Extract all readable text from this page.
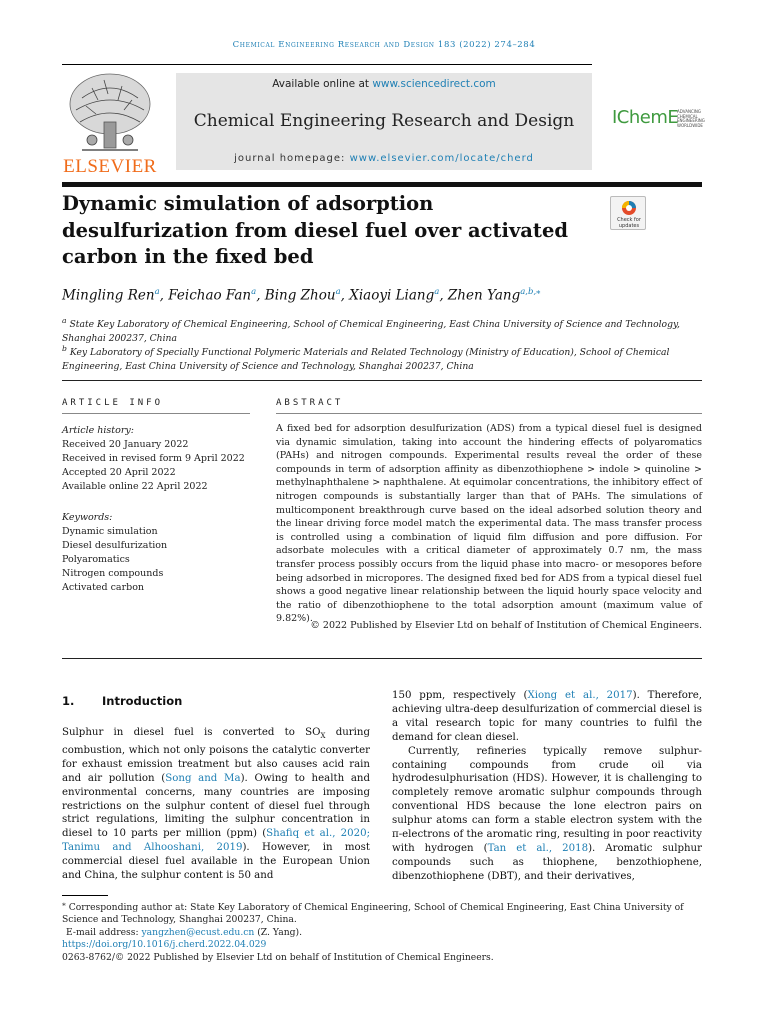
Chemical Engineering Research and Design 183 (2022) 274–284
ELSEVIER
Available online at www.sciencedirect.com
Chemical Engineering Research and Design
journal homepage: www.elsevier.com/locate/cherd
IChemE
ADVANCING CHEMICAL ENGINEERING WORLDWIDE
Dynamic simulation of adsorption desulfurization from diesel fuel over activated carbon in the fixed bed
Check for updates
Mingling Ren$^a$, Feichao Fan$^a$, Bing Zhou$^a$, Xiaoyi Liang$^a$, Zhen Yang$^{a,b,⁎}$
$^a$ State Key Laboratory of Chemical Engineering, School of Chemical Engineering, East China University of Science and Technology, Shanghai 200237, China
$^b$ Key Laboratory of Specially Functional Polymeric Materials and Related Technology (Ministry of Education), School of Chemical Engineering, East China University of Science and Technology, Shanghai 200237, China
ARTICLE INFO
Article history:
Received 20 January 2022
Received in revised form 9 April 2022
Accepted 20 April 2022
Available online 22 April 2022
Keywords:
Dynamic simulation
Diesel desulfurization
Polyaromatics
Nitrogen compounds
Activated carbon
ABSTRACT
A fixed bed for adsorption desulfurization (ADS) from a typical diesel fuel is designed via dynamic simulation, taking into account the hindering effects of polyaromatics (PAHs) and nitrogen compounds. Experimental results reveal the order of these compounds in term of adsorption affinity as dibenzothiophene > indole > quinoline > methylnaphthalene > naphthalene. At equimolar concentrations, the inhibitory effect of nitrogen compounds is substantially larger than that of PAHs. The simulations of multicomponent breakthrough curve based on the ideal adsorbed solution theory and the linear driving force model match the experimental data. The mass transfer process is controlled using a combination of liquid film diffusion and pore diffusion. For adsorbate molecules with a critical diameter of approximately 0.7 nm, the mass transfer process possibly occurs from the liquid phase into macro- or mesopores before being adsorbed in micropores. The designed fixed bed for ADS from a typical diesel fuel shows a good negative linear relationship between the liquid hourly space velocity and the ratio of dibenzothiophene to the total adsorption amount (maximum value of 9.82%).
© 2022 Published by Elsevier Ltd on behalf of Institution of Chemical Engineers.
1. Introduction
Sulphur in diesel fuel is converted to $SO_X$ during combustion, which not only poisons the catalytic converter for exhaust emission treatment but also causes acid rain and air pollution (Song and Ma). Owing to health and environmental concerns, many countries are imposing restrictions on the sulphur content of diesel fuel through strict regulations, limiting the sulphur concentration in diesel to 10 parts per million (ppm) (Shafiq et al., 2020; Tanimu and Alhooshani, 2019). However, in most commercial diesel fuel available in the European Union and China, the sulphur content is 50 and
150 ppm, respectively (Xiong et al., 2017). Therefore, achieving ultra-deep desulfurization of commercial diesel is a vital research topic for many countries to fulfil the demand for clean diesel.
Currently, refineries typically remove sulphur-containing compounds from crude oil via hydrodesulphurisation (HDS). However, it is challenging to completely remove aromatic sulphur compounds through conventional HDS because the lone electron pairs on sulphur atoms can form a stable electron system with the π-electrons of the aromatic ring, resulting in poor reactivity with hydrogen (Tan et al., 2018). Aromatic sulphur compounds such as thiophene, benzothiophene, dibenzothiophene (DBT), and their derivatives,
⁎ Corresponding author at: State Key Laboratory of Chemical Engineering, School of Chemical Engineering, East China University of Science and Technology, Shanghai 200237, China.
E-mail address: yangzhen@ecust.edu.cn (Z. Yang).
https://doi.org/10.1016/j.cherd.2022.04.029
0263-8762/© 2022 Published by Elsevier Ltd on behalf of Institution of Chemical Engineers.
